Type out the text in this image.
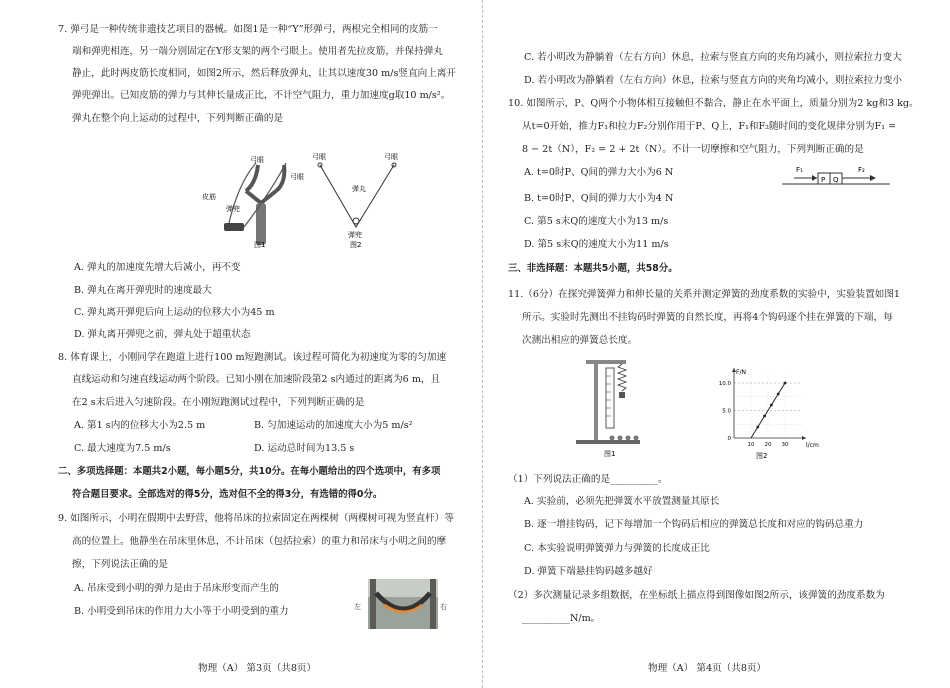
7. 弹弓是一种传统非遗技艺项目的器械。如图1是一种“Y”形弹弓，两根完全相同的皮筋一
端和弹兜相连，另一端分别固定在Y形支架的两个弓眼上。使用者先拉皮筋，并保持弹丸
静止，此时两皮筋长度相同，如图2所示，然后释放弹丸，让其以速度30 m/s竖直向上离开
弹兜弹出。已知皮筋的弹力与其伸长量成正比，不计空气阻力，重力加速度g取10 m/s²。
弹丸在整个向上运动的过程中，下列判断正确的是
弓眼
弓眼
皮筋
弹兜
图1
弓眼	弓眼
弹丸
弹兜
图2
A. 弹丸的加速度先增大后减小，再不变
B. 弹丸在离开弹兜时的速度最大
C. 弹丸离开弹兜后向上运动的位移大小为45 m
D. 弹丸离开弹兜之前，弹丸处于超重状态
8. 体育课上，小刚同学在跑道上进行100 m短跑测试。该过程可简化为初速度为零的匀加速
直线运动和匀速直线运动两个阶段。已知小刚在加速阶段第2 s内通过的距离为6 m，且
在2 s末后进入匀速阶段。在小刚短跑测试过程中，下列判断正确的是
A. 第1 s内的位移大小为2.5 m	B. 匀加速运动的加速度大小为5 m/s²
C. 最大速度为7.5 m/s	D. 运动总时间为13.5 s
二、多项选择题：本题共2小题，每小题5分，共10分。在每小题给出的四个选项中，有多项
符合题目要求。全部选对的得5分，选对但不全的得3分，有选错的得0分。
9. 如图所示，小明在假期中去野营，他将吊床的拉索固定在两棵树（两棵树可视为竖直杆）等
高的位置上。他静坐在吊床里休息，不计吊床（包括拉索）的重力和吊床与小明之间的摩
擦，下列说法正确的是
A. 吊床受到小明的弹力是由于吊床形变而产生的
B. 小明受到吊床的作用力大小等于小明受到的重力	左	右
物理（A） 第3页（共8页）
C. 若小明改为静躺着（左右方向）休息，拉索与竖直方向的夹角均减小，则拉索拉力变大
D. 若小明改为静躺着（左右方向）休息，拉索与竖直方向的夹角均减小，则拉索拉力变小
10. 如图所示，P、Q两个小物体相互接触但不黏合，静止在水平面上，质量分别为2 kg和3 kg。
从t=0开始，推力F₁和拉力F₂分别作用于P、Q上，F₁和F₂随时间的变化规律分别为F₁ =
8 − 2t（N），F₂ = 2 + 2t（N）。不计一切摩擦和空气阻力，下列判断正确的是
A. t=0时P、Q间的弹力大小为6 N
B. t=0时P、Q间的弹力大小为4 N
C. 第5 s末Q的速度大小为13 m/s
D. 第5 s末Q的速度大小为11 m/s
F₁	F₂
P Q
三、非选择题：本题共5小题，共58分。
11.（6分）在探究弹簧弹力和伸长量的关系并测定弹簧的劲度系数的实验中，实验装置如图1
所示。实验时先测出不挂钩码时弹簧的自然长度，再将4个钩码逐个挂在弹簧的下端，每
次测出相应的弹簧总长度。
图1
0
5.0
10.0
10 20 30
F/N
l/cm
图2
（1）下列说法正确的是__________。
A. 实验前，必须先把弹簧水平放置测量其原长
B. 逐一增挂钩码，记下每增加一个钩码后相应的弹簧总长度和对应的钩码总重力
C. 本实验说明弹簧弹力与弹簧的长度成正比
D. 弹簧下端悬挂钩码越多越好
（2）多次测量记录多组数据，在坐标纸上描点得到图像如图2所示，该弹簧的劲度系数为
__________N/m。
物理（A） 第4页（共8页）
